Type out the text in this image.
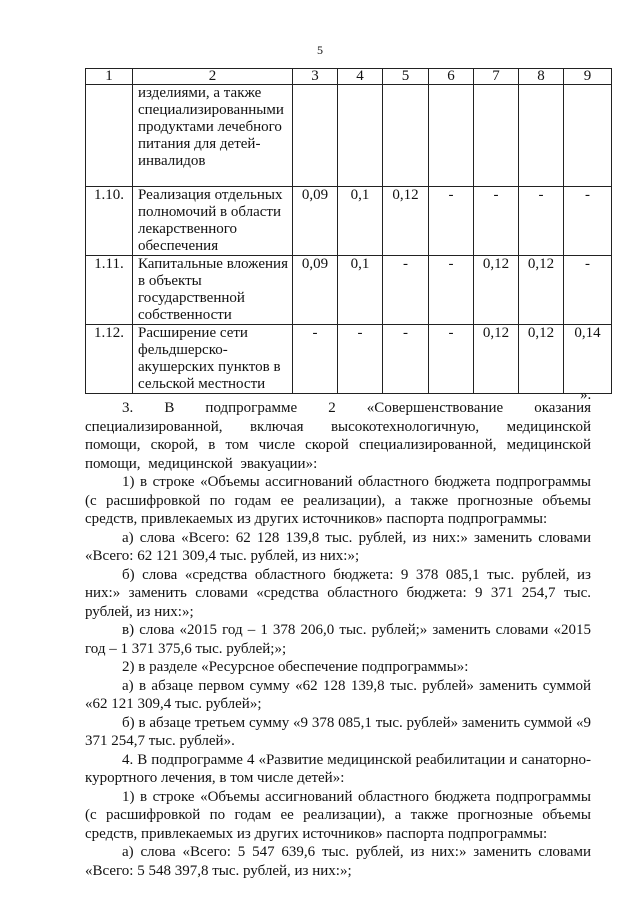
5
1	2	3	4	5	6	7	8	9
	изделиями, а также специализированными продуктами лечебного питания для детей-инвалидов							
1.10.	Реализация отдельных полномочий в области лекарственного обеспечения	0,09	0,1	0,12	-	-	-	-
1.11.	Капитальные вложения в объекты государственной собственности	0,09	0,1	-	-	0,12	0,12	-
1.12.	Расширение сети фельдшерско-акушерских пунктов в сельской местности	-	-	-	-	0,12	0,12	0,14
».

3. В подпрограмме 2 «Совершенствование оказания специализированной, включая высокотехнологичную, медицинской помощи, скорой, в том числе скорой специализированной, медицинской помощи, медицинской эвакуации»:

1) в строке «Объемы ассигнований областного бюджета подпрограммы (с расшифровкой по годам ее реализации), а также прогнозные объемы средств, привлекаемых из других источников» паспорта подпрограммы:

а) слова «Всего: 62 128 139,8 тыс. рублей, из них:» заменить словами «Всего: 62 121 309,4 тыс. рублей, из них:»;

б) слова «средства областного бюджета: 9 378 085,1 тыс. рублей, из них:» заменить словами «средства областного бюджета: 9 371 254,7 тыс. рублей, из них:»;

в) слова «2015 год – 1 378 206,0 тыс. рублей;» заменить словами «2015 год – 1 371 375,6 тыс. рублей;»;

2) в разделе «Ресурсное обеспечение подпрограммы»:

а) в абзаце первом сумму «62 128 139,8 тыс. рублей» заменить суммой «62 121 309,4 тыс. рублей»;

б) в абзаце третьем сумму «9 378 085,1 тыс. рублей» заменить суммой «9 371 254,7 тыс. рублей».

4. В подпрограмме 4 «Развитие медицинской реабилитации и санаторно-курортного лечения, в том числе детей»:

1) в строке «Объемы ассигнований областного бюджета подпрограммы (с расшифровкой по годам ее реализации), а также прогнозные объемы средств, привлекаемых из других источников» паспорта подпрограммы:

а) слова «Всего: 5 547 639,6 тыс. рублей, из них:» заменить словами «Всего: 5 548 397,8 тыс. рублей, из них:»;
